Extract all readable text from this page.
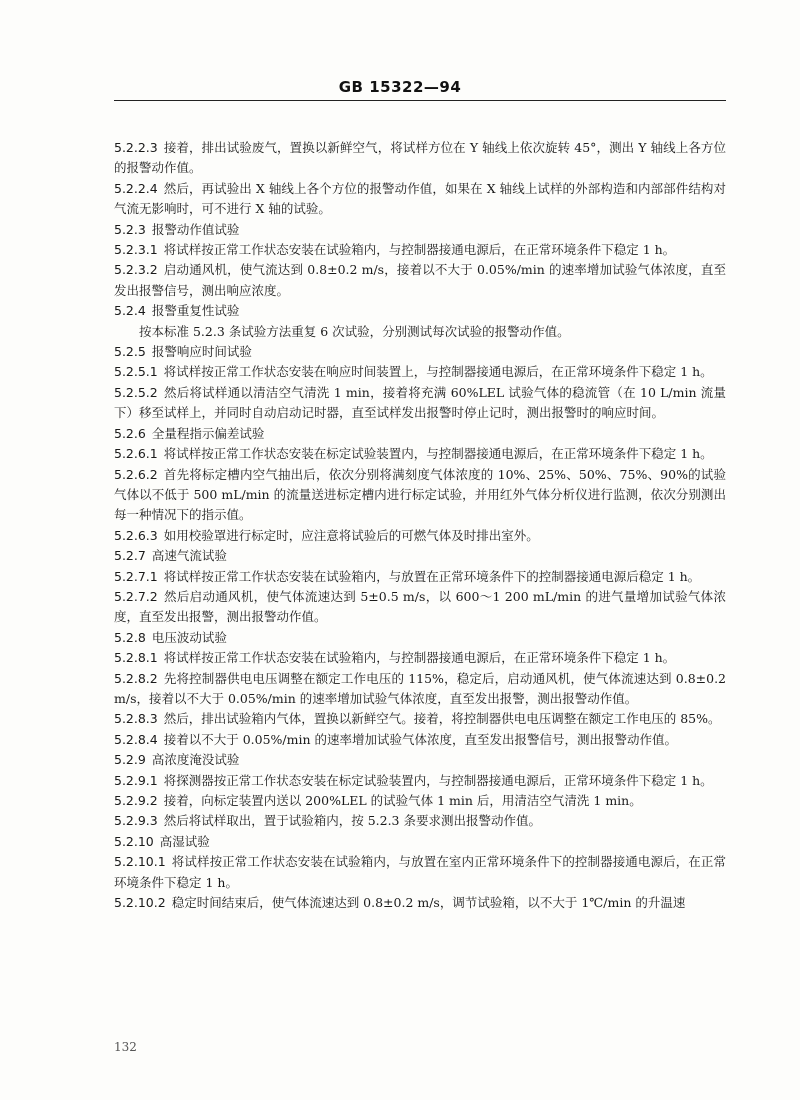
GB 15322—94

5.2.2.3 接着，排出试验废气，置换以新鲜空气，将试样方位在 Y 轴线上依次旋转 45°，测出 Y 轴线上各方位的报警动作值。

5.2.2.4 然后，再试验出 X 轴线上各个方位的报警动作值，如果在 X 轴线上试样的外部构造和内部部件结构对气流无影响时，可不进行 X 轴的试验。

5.2.3 报警动作值试验

5.2.3.1 将试样按正常工作状态安装在试验箱内，与控制器接通电源后，在正常环境条件下稳定 1 h。

5.2.3.2 启动通风机，使气流达到 0.8±0.2 m/s，接着以不大于 0.05%/min 的速率增加试验气体浓度，直至发出报警信号，测出响应浓度。

5.2.4 报警重复性试验

按本标准 5.2.3 条试验方法重复 6 次试验，分别测试每次试验的报警动作值。

5.2.5 报警响应时间试验

5.2.5.1 将试样按正常工作状态安装在响应时间装置上，与控制器接通电源后，在正常环境条件下稳定 1 h。

5.2.5.2 然后将试样通以清洁空气清洗 1 min，接着将充满 60%LEL 试验气体的稳流管（在 10 L/min 流量下）移至试样上，并同时自动启动记时器，直至试样发出报警时停止记时，测出报警时的响应时间。

5.2.6 全量程指示偏差试验

5.2.6.1 将试样按正常工作状态安装在标定试验装置内，与控制器接通电源后，在正常环境条件下稳定 1 h。

5.2.6.2 首先将标定槽内空气抽出后，依次分别将满刻度气体浓度的 10%、25%、50%、75%、90%的试验气体以不低于 500 mL/min 的流量送进标定槽内进行标定试验，并用红外气体分析仪进行监测，依次分别测出每一种情况下的指示值。

5.2.6.3 如用校验罩进行标定时，应注意将试验后的可燃气体及时排出室外。

5.2.7 高速气流试验

5.2.7.1 将试样按正常工作状态安装在试验箱内，与放置在正常环境条件下的控制器接通电源后稳定 1 h。

5.2.7.2 然后启动通风机，使气体流速达到 5±0.5 m/s，以 600～1 200 mL/min 的进气量增加试验气体浓度，直至发出报警，测出报警动作值。

5.2.8 电压波动试验

5.2.8.1 将试样按正常工作状态安装在试验箱内，与控制器接通电源后，在正常环境条件下稳定 1 h。

5.2.8.2 先将控制器供电电压调整在额定工作电压的 115%，稳定后，启动通风机，使气体流速达到 0.8±0.2 m/s，接着以不大于 0.05%/min 的速率增加试验气体浓度，直至发出报警，测出报警动作值。

5.2.8.3 然后，排出试验箱内气体，置换以新鲜空气。接着，将控制器供电电压调整在额定工作电压的 85%。

5.2.8.4 接着以不大于 0.05%/min 的速率增加试验气体浓度，直至发出报警信号，测出报警动作值。

5.2.9 高浓度淹没试验

5.2.9.1 将探测器按正常工作状态安装在标定试验装置内，与控制器接通电源后，正常环境条件下稳定 1 h。

5.2.9.2 接着，向标定装置内送以 200%LEL 的试验气体 1 min 后，用清洁空气清洗 1 min。

5.2.9.3 然后将试样取出，置于试验箱内，按 5.2.3 条要求测出报警动作值。

5.2.10 高湿试验

5.2.10.1 将试样按正常工作状态安装在试验箱内，与放置在室内正常环境条件下的控制器接通电源后，在正常环境条件下稳定 1 h。

5.2.10.2 稳定时间结束后，使气体流速达到 0.8±0.2 m/s，调节试验箱，以不大于 1℃/min 的升温速

132
